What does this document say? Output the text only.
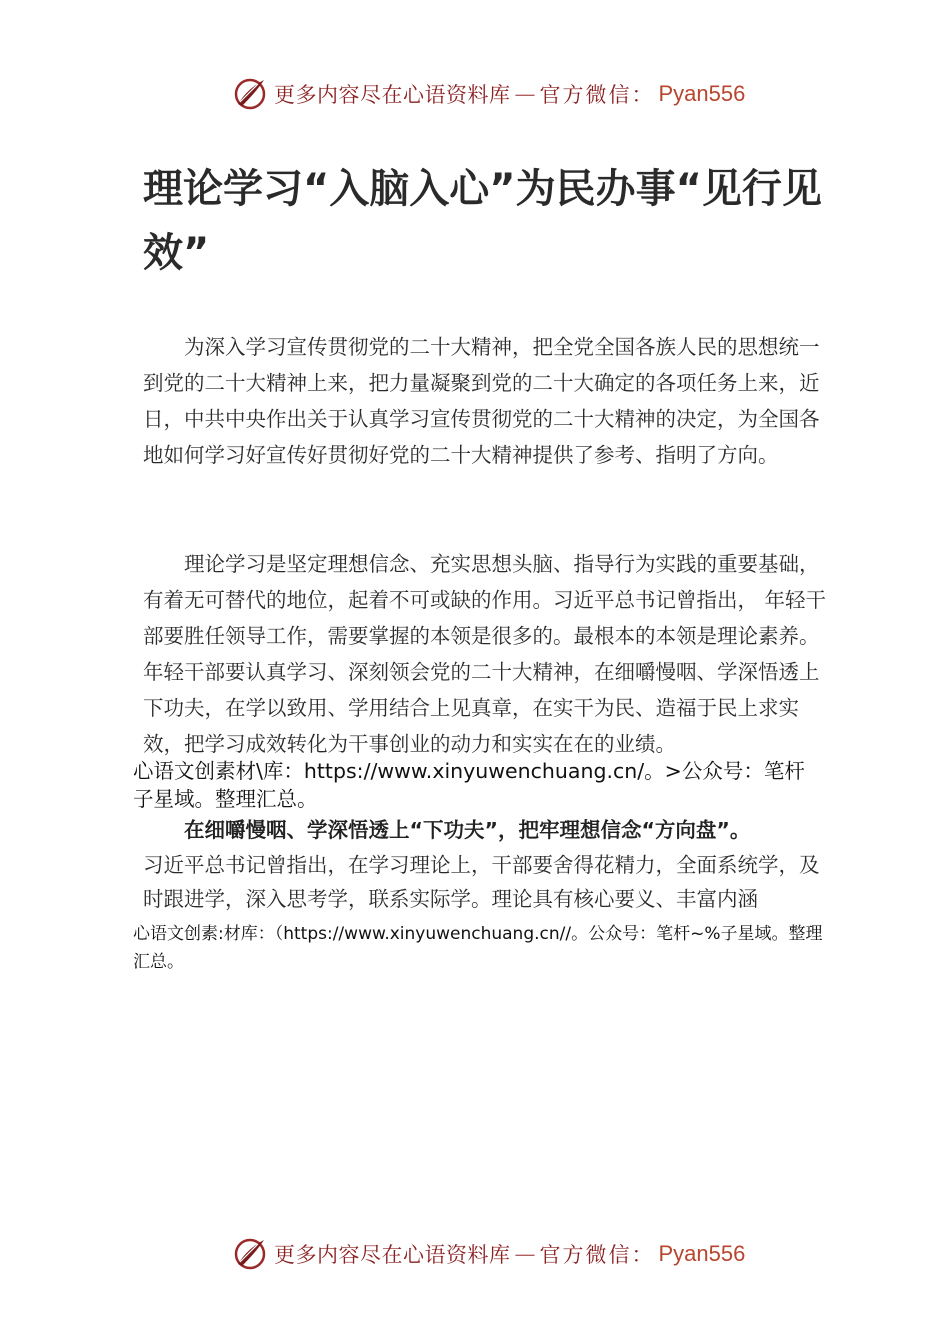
更多内容尽在心语资料库 — 官方微信： Pyan556
理论学习“入脑入心”为民办事“见行见效”

为深入学习宣传贯彻党的二十大精神，把全党全国各族人民的思想统一到党的二十大精神上来，把力量凝聚到党的二十大确定的各项任务上来，近日，中共中央作出关于认真学习宣传贯彻党的二十大精神的决定，为全国各地如何学习好宣传好贯彻好党的二十大精神提供了参考、指明了方向。

理论学习是坚定理想信念、充实思想头脑、指导行为实践的重要基础，有着无可替代的地位，起着不可或缺的作用。习近平总书记曾指出， 年轻干部要胜任领导工作，需要掌握的本领是很多的。最根本的本领是理论素养。年轻干部要认真学习、深刻领会党的二十大精神，在细嚼慢咽、学深悟透上下功夫，在学以致用、学用结合上见真章，在实干为民、造福于民上求实效，把学习成效转化为干事创业的动力和实实在在的业绩。

心语文创素材\库：https://www.xinyuwenchuang.cn/。>公众号：笔杆子星域。整理汇总。

在细嚼慢咽、学深悟透上“下功夫”，把牢理想信念“方向盘”。

习近平总书记曾指出，在学习理论上，干部要舍得花精力，全面系统学，及时跟进学，深入思考学，联系实际学。理论具有核心要义、丰富内涵

心语文创素:材库：（https://www.xinyuwenchuang.cn//。公众号：笔杆~%子星域。整理汇总。

更多内容尽在心语资料库 — 官方微信： Pyan556
